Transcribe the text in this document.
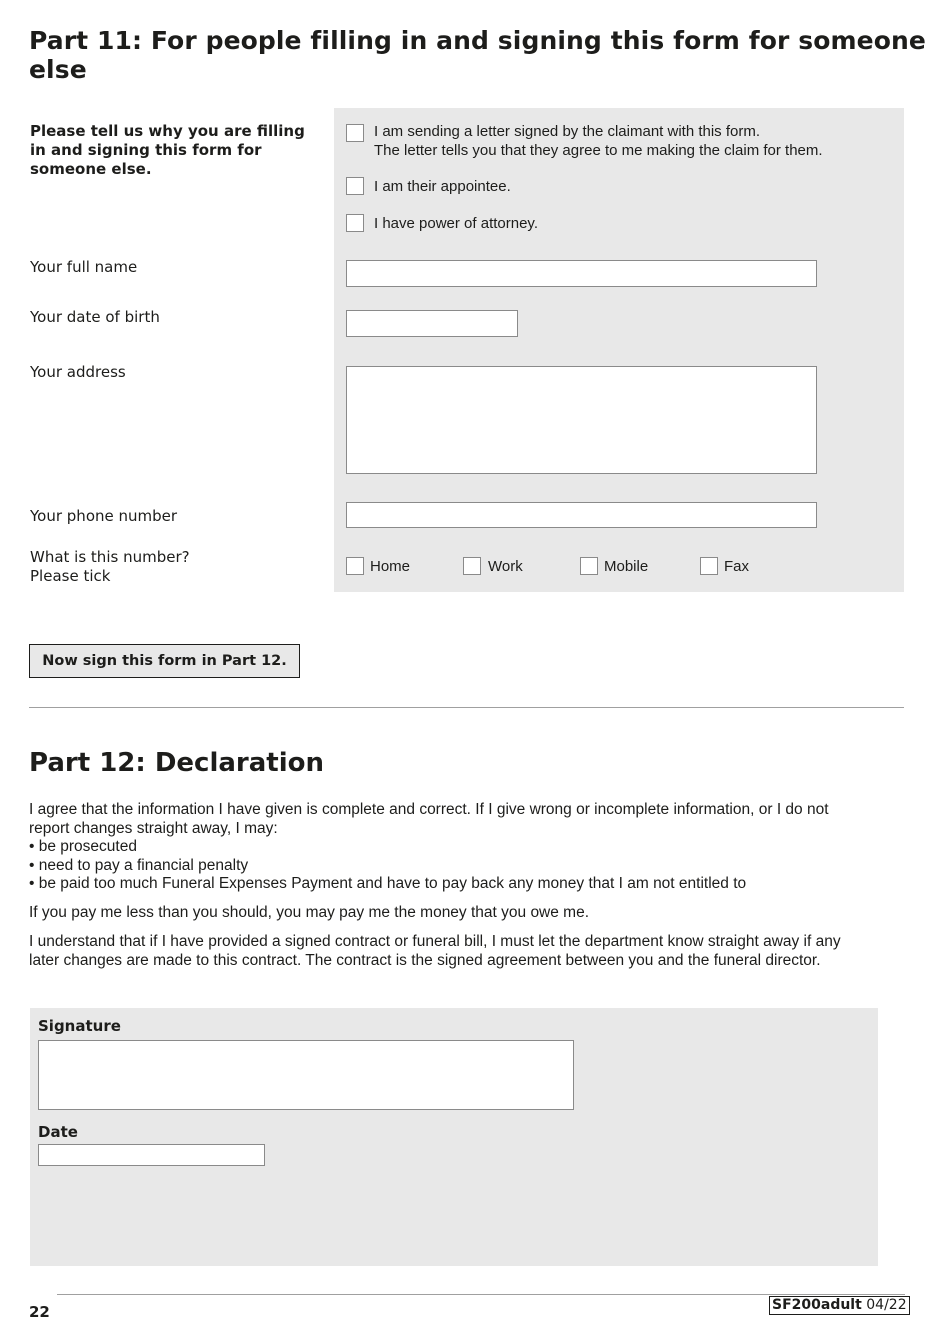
Part 11: For people filling in and signing this form for someone else
Please tell us why you are filling in and signing this form for someone else.
I am sending a letter signed by the claimant with this form.
The letter tells you that they agree to me making the claim for them.
I am their appointee.
I have power of attorney.
Your full name
Your date of birth
Your address
Your phone number
What is this number?
Please tick
Home	Work	Mobile	Fax
Now sign this form in Part 12.
Part 12: Declaration
I agree that the information I have given is complete and correct. If I give wrong or incomplete information, or I do not report changes straight away, I may:
• be prosecuted
• need to pay a financial penalty
• be paid too much Funeral Expenses Payment and have to pay back any money that I am not entitled to
If you pay me less than you should, you may pay me the money that you owe me.
I understand that if I have provided a signed contract or funeral bill, I must let the department know straight away if any later changes are made to this contract. The contract is the signed agreement between you and the funeral director.
Signature
Date
22	SF200adult 04/22
